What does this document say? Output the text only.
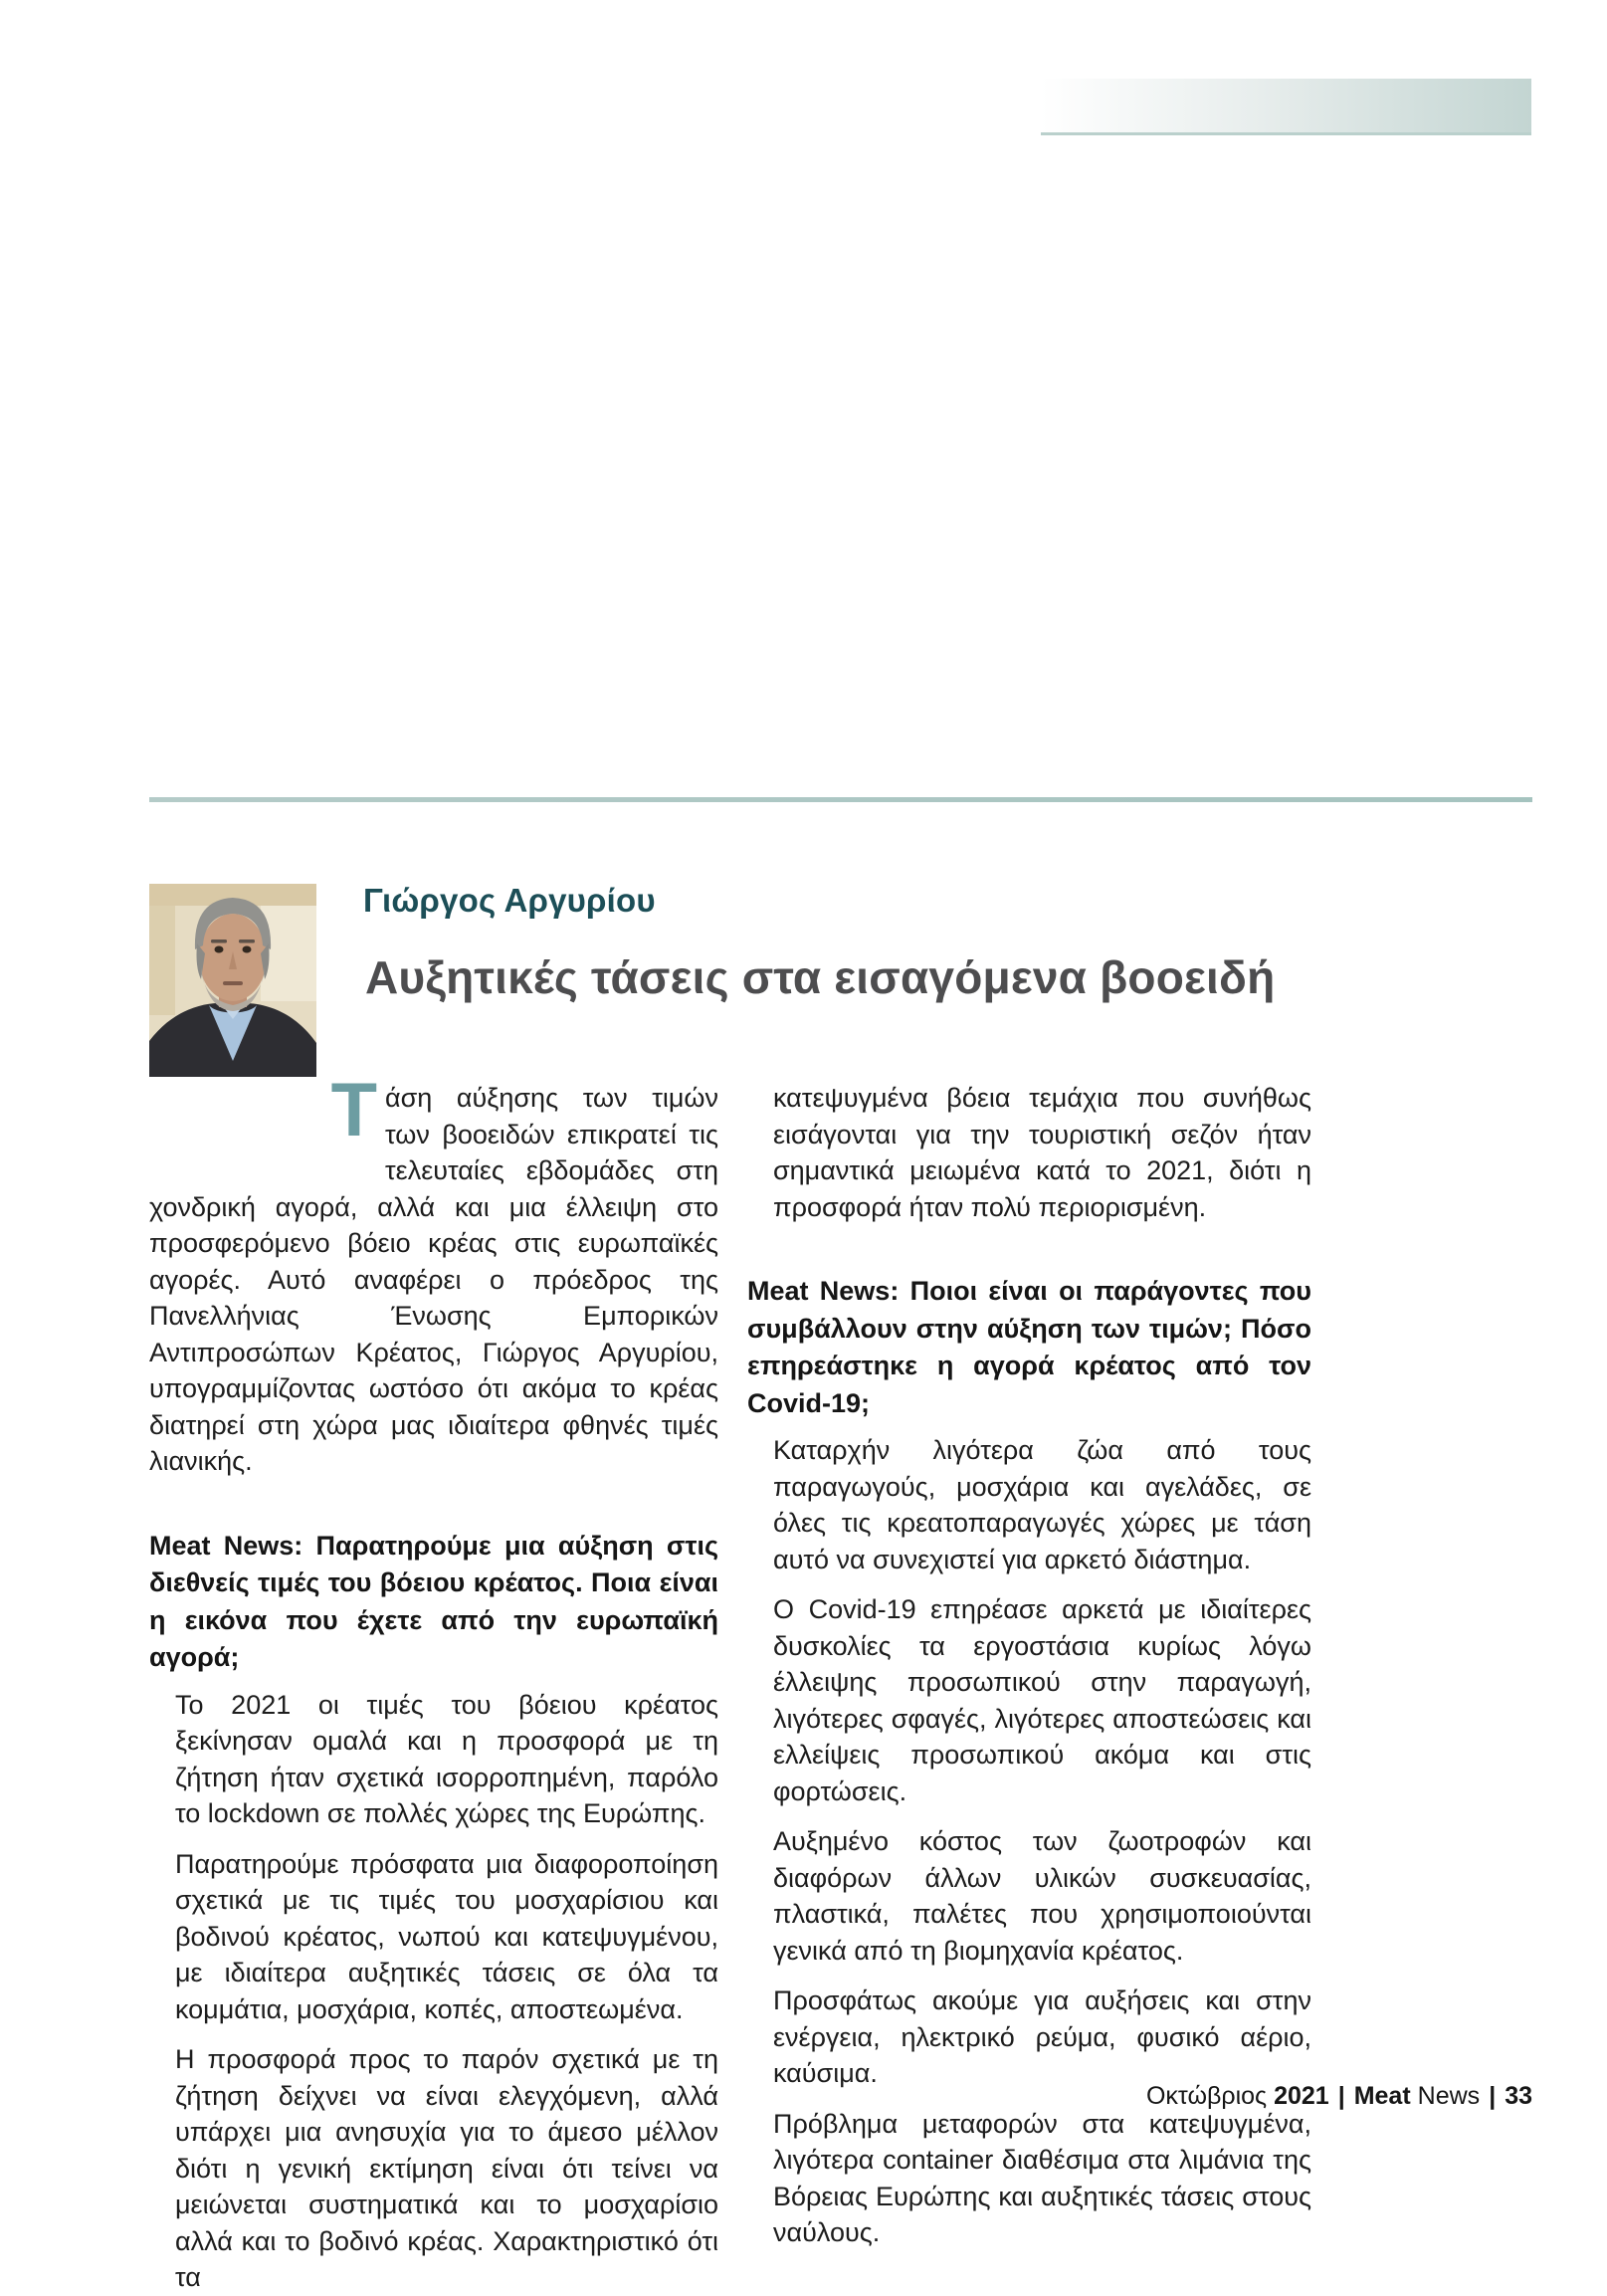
Γιώργος Αργυρίου
Αυξητικές τάσεις στα εισαγόμενα βοοειδή

Τ άση αύξησης των τιμών των βοοειδών επικρατεί τις τελευταίες εβδομάδες στη χονδρική αγορά, αλλά και μια έλλειψη στο προσφερόμενο βόειο κρέας στις ευρωπαϊκές αγορές. Αυτό αναφέρει ο πρόεδρος της Πανελλήνιας Ένωσης Εμπορικών Αντιπροσώπων Κρέατος, Γιώργος Αργυρίου, υπογραμμίζοντας ωστόσο ότι ακόμα το κρέας διατηρεί στη χώρα μας ιδιαίτερα φθηνές τιμές λιανικής.

Meat News: Παρατηρούμε μια αύξηση στις διεθνείς τιμές του βόειου κρέατος. Ποια είναι η εικόνα που έχετε από την ευρωπαϊκή αγορά;

Το 2021 οι τιμές του βόειου κρέατος ξεκίνησαν ομαλά και η προσφορά με τη ζήτηση ήταν σχετικά ισορροπημένη, παρόλο το lockdown σε πολλές χώρες της Ευρώπης.

Παρατηρούμε πρόσφατα μια διαφοροποίηση σχετικά με τις τιμές του μοσχαρίσιου και βοδινού κρέατος, νωπού και κατεψυγμένου, με ιδιαίτερα αυξητικές τάσεις σε όλα τα κομμάτια, μοσχάρια, κοπές, αποστεωμένα.

Η προσφορά προς το παρόν σχετικά με τη ζήτηση δείχνει να είναι ελεγχόμενη, αλλά υπάρχει μια ανησυχία για το άμεσο μέλλον διότι η γενική εκτίμηση είναι ότι τείνει να μειώνεται συστηματικά και το μοσχαρίσιο αλλά και το βοδινό κρέας. Χαρακτηριστικό ότι τα

κατεψυγμένα βόεια τεμάχια που συνήθως εισάγονται για την τουριστική σεζόν ήταν σημαντικά μειωμένα κατά το 2021, διότι η προσφορά ήταν πολύ περιορισμένη.

Meat News: Ποιοι είναι οι παράγοντες που συμβάλλουν στην αύξηση των τιμών; Πόσο επηρεάστηκε η αγορά κρέατος από τον Covid-19;

Καταρχήν λιγότερα ζώα από τους παραγωγούς, μοσχάρια και αγελάδες, σε όλες τις κρεατοπαραγωγές χώρες με τάση αυτό να συνεχιστεί για αρκετό διάστημα.

Ο Covid-19 επηρέασε αρκετά με ιδιαίτερες δυσκολίες τα εργοστάσια κυρίως λόγω έλλειψης προσωπικού στην παραγωγή, λιγότερες σφαγές, λιγότερες αποστεώσεις και ελλείψεις προσωπικού ακόμα και στις φορτώσεις.

Αυξημένο κόστος των ζωοτροφών και διαφόρων άλλων υλικών συσκευασίας, πλαστικά, παλέτες που χρησιμοποιούνται γενικά από τη βιομηχανία κρέατος.

Προσφάτως ακούμε για αυξήσεις και στην ενέργεια, ηλεκτρικό ρεύμα, φυσικό αέριο, καύσιμα.

Πρόβλημα μεταφορών στα κατεψυγμένα, λιγότερα container διαθέσιμα στα λιμάνια της Βόρειας Ευρώπης και αυξητικές τάσεις στους ναύλους.

Οκτώβριος 2021 | Meat News | 33
